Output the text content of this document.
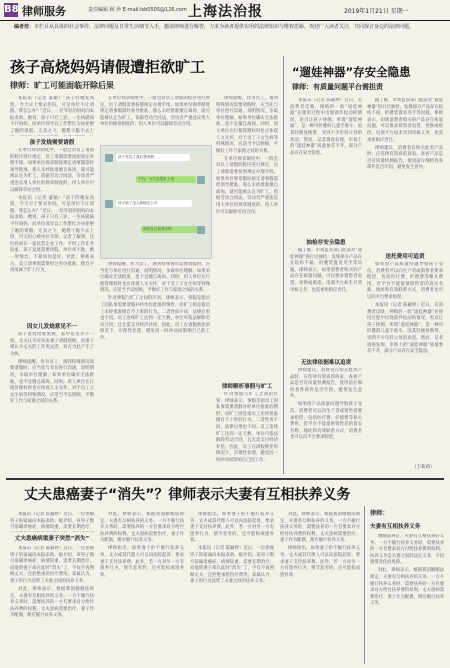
B8 律师服务	责任编辑 顾 珍 E-mail:lsb0505@126.com 上海法治报	2019年1月21日 星期一
编者按：本栏目从具体的社会事件、法律问题及日常生活细节入手，邀请律师进行解答，力求为读者提供实用的法律知识与维权思路。欢迎广大读者关注，共同探讨身边的法律问题。
孩子高烧妈妈请假遭拒欲旷工
律师：旷工可能面临开除后果

本报讯（记者 董颖）“孩子昨晚发高烧，今天早上要去医院，可是单位不让请假，我怎么办？”近日，一位年轻的妈妈向本报求助。她说，孩子只有三岁，一生病就离不开妈妈，而单位领导以工作繁忙为由拒绝了她的请假。无奈之下，她想干脆不去上

孩子发烧需要请假

在单位规章制度中，一般会对员工请假的程序进行规定，员工请假需要按照规定办理手续。如果单位规章制度规定请事假需经领导批准，那么未经批准擅自离岗，就可能被认定为旷工。依据劳动合同法，劳动者严重违反用人单位的规章制度的，用人单位可以解除劳动合同。

本报讯（记者 董颖）“孩子昨晚发高烧，今天早上要去医院，可是单位不让请假，我怎么办？”近日，一位年轻的妈妈向本报求助。她说，孩子只有三岁，一生病就离不开妈妈，而单位领导以工作繁忙为由拒绝了她的请假。无奈之下，她想干脆不去上班，可又担心被单位开除。记者了解到，这位妈妈在一家民营企业工作，平时工作任务较重。孩子发烧需要请假，单位却不批，她一时情急，不知如何是好。对此，律师表示，员工请事假需要经过单位批准，擅自不到岗属于旷工行为。

因女儿发烧意见不一

孩子发烧由谁照顾，家中意见并不一致。丈夫认为应该由妻子请假照顾，而妻子则认为丈夫的工作更灵活。双方为此产生了争执。

律师提醒，作为员工，遇到特殊情况需要请假时，应当先与单位进行沟通，说明情况，争取单位理解。如果单位确实无法批准，也不宜擅自离岗。同时，用人单位在行使管理权时也应体现人文关怀，对于员工子女生病等特殊情况，应适当予以照顾，平衡好工作与家庭之间的关系。

在单位规章制度中，一般会对员工请假的程序进行规定，员工请假需要按照规定办理手续。如果单位规章制度规定请事假需经领导批准，那么未经批准擅自离岗，就可能被认定为旷工。依据劳动合同法，劳动者严重违反用人单位的规章制度的，用人单位可以解除劳动合同。

孩子发烧了我们想请假
不行，今天必须来上班
孩子病了没人照顾怎么办
那你自己看着办吧

律师提醒，作为员工，遇到特殊情况需要请假时，应当先与单位进行沟通，说明情况，争取单位理解。如果单位确实无法批准，也不宜擅自离岗。同时，用人单位在行使管理权时也应体现人文关怀，对于员工子女生病等特殊情况，应适当予以照顾，平衡好工作与家庭之间的关系。

针对事假与旷工之间的区别，律师表示，事假是指员工因私事需要请假并经单位批准的情形，而旷工则是指员工未经批准擅自不上班的行为。二者性质不同，法律后果也不同。员工连续旷工达到一定天数，单位可依法解除劳动合同，且无需支付经济补偿。因此，员工在请假被拒的情况下，应理性处理，避免因一时冲动而影响自己的工作。

律师提醒，作为员工，遇到特殊情况需要请假时，应当先与单位进行沟通，说明情况，争取单位理解。如果单位确实无法批准，也不宜擅自离岗。同时，用人单位在行使管理权时也应体现人文关怀，对于员工子女生病等特殊情况，应适当予以照顾，平衡好工作与家庭之间的关系。

在单位规章制度中，一般会对员工请假的程序进行规定，员工请假需要按照规定办理手续。如果单位规章制度规定请事假需经领导批准，那么未经批准擅自离岗，就可能被认定为旷工。依据劳动合同法，劳动者严重违反用人单位的规章制度的，用人单位可以解除劳动合同。

律师解析事假与旷工

针对事假与旷工之间的区别，律师表示，事假是指员工因私事需要请假并经单位批准的情形，而旷工则是指员工未经批准擅自不上班的行为。二者性质不同，法律后果也不同。员工连续旷工达到一定天数，单位可依法解除劳动合同，且无需支付经济补偿。因此，员工在请假被拒的情况下，应理性处理，避免因一时冲动而影响自己的工作。

“遛娃神器”存安全隐患
律师：有质量问题平台需担责

本报讯（记者 陈颖婷）近日，有消费者反映，网购的一款“遛娃神器”在使用过程中出现部件松动的情况，差点让孩子摔倒。所谓“遛娃神器”，是一种可折叠的儿童手推车，因其轻便易携带，受到不少年轻父母的欢迎。然而，记者调查发现，市场上的“遛娃神器”质量参差不齐，部分产品存在安全隐患。

抽检存安全隐患

据了解，市场监管部门此前对“遛娃神器”进行过抽检，发现部分产品存在结构不稳、折叠装置易夹手等问题。律师表示，如果消费者购买的产品存在质量问题，可以要求销售者退货、更换或赔偿。电商平台如未尽到审核义务，也需承担相应责任。

无法律依据难以追责

律师建议，消费者在购买此类产品时，应选择有资质的商家，查看产品是否有质量检测报告，使用前仔细检查各部件是否牢固，避免发生意外。

如果因产品质量问题导致孩子受伤，消费者可以向生产者或销售者要求赔偿，包括医疗费、护理费等相关费用。若平台不能提供销售者的真实名称、地址和有效联系方式，消费者也可以向平台要求赔偿。

据了解，市场监管部门此前对“遛娃神器”进行过抽检，发现部分产品存在结构不稳、折叠装置易夹手等问题。律师表示，如果消费者购买的产品存在质量问题，可以要求销售者退货、更换或赔偿。电商平台如未尽到审核义务，也需承担相应责任。

律师建议，消费者在购买此类产品时，应选择有资质的商家，查看产品是否有质量检测报告，使用前仔细检查各部件是否牢固，避免发生意外。

送托费用可追责

如果因产品质量问题导致孩子受伤，消费者可以向生产者或销售者要求赔偿，包括医疗费、护理费等相关费用。若平台不能提供销售者的真实名称、地址和有效联系方式，消费者也可以向平台要求赔偿。

本报讯（记者 陈颖婷）近日，有消费者反映，网购的一款“遛娃神器”在使用过程中出现部件松动的情况，差点让孩子摔倒。所谓“遛娃神器”，是一种可折叠的儿童手推车，因其轻便易携带，受到不少年轻父母的欢迎。然而，记者调查发现，市场上的“遛娃神器”质量参差不齐，部分产品存在安全隐患。

（王莉莉）
丈夫患癌妻子“消失”？律师表示夫妻有互相扶养义务

本报讯（记者 陈颖婷）近日，一位患癌男子的家属向本报求助。据介绍，该男子数月前确诊癌症，病情较重，需要长期治疗，

丈夫患癌病重妻子突然“消失”

本报讯（记者 陈颖婷）近日，一位患癌男子的家属向本报求助。据介绍，该男子数月前确诊癌症，病情较重，需要长期治疗，而他的妻子却在此时“消失”了，不仅不再照顾丈夫，还拒绝承担医疗费用。家属认为，妻子的行为违背了夫妻之间的扶养义务。

对此，律师表示，根据我国婚姻法规定，夫妻有互相扶养的义务。一方不履行扶养义务时，需要扶养的一方有要求对方给付扶养费的权利。丈夫患病需要治疗，妻子作为配偶，理应履行扶养义务。

对此，律师表示，根据我国婚姻法规定，夫妻有互相扶养的义务。一方不履行扶养义务时，需要扶养的一方有要求对方给付扶养费的权利。丈夫患病需要治疗，妻子作为配偶，理应履行扶养义务。

律师指出，如果妻子拒不履行扶养义务，丈夫或其代理人可以向法院起诉，要求妻子支付扶养费。此外，若一方对另一方有遗弃行为，情节恶劣的，还可能构成遗弃罪。

律师指出，如果妻子拒不履行扶养义务，丈夫或其代理人可以向法院起诉，要求妻子支付扶养费。此外，若一方对另一方有遗弃行为，情节恶劣的，还可能构成遗弃罪。

本报讯（记者 陈颖婷）近日，一位患癌男子的家属向本报求助。据介绍，该男子数月前确诊癌症，病情较重，需要长期治疗，而他的妻子却在此时“消失”了，不仅不再照顾丈夫，还拒绝承担医疗费用。家属认为，妻子的行为违背了夫妻之间的扶养义务。

对此，律师表示，根据我国婚姻法规定，夫妻有互相扶养的义务。一方不履行扶养义务时，需要扶养的一方有要求对方给付扶养费的权利。丈夫患病需要治疗，妻子作为配偶，理应履行扶养义务。

律师指出，如果妻子拒不履行扶养义务，丈夫或其代理人可以向法院起诉，要求妻子支付扶养费。此外，若一方对另一方有遗弃行为，情节恶劣的，还可能构成遗弃罪。

律师：
夫妻有互相扶养义务

婚姻法规定，夫妻有互相扶养的义务。一方不履行扶养义务时，需要扶养的一方有要求对方付给扶养费的权利。扶养义务是夫妻之间的法定义务，不因感情变化而免除。

对此，律师表示，根据我国婚姻法规定，夫妻有互相扶养的义务。一方不履行扶养义务时，需要扶养的一方有要求对方给付扶养费的权利。丈夫患病需要治疗，妻子作为配偶，理应履行扶养义务。
